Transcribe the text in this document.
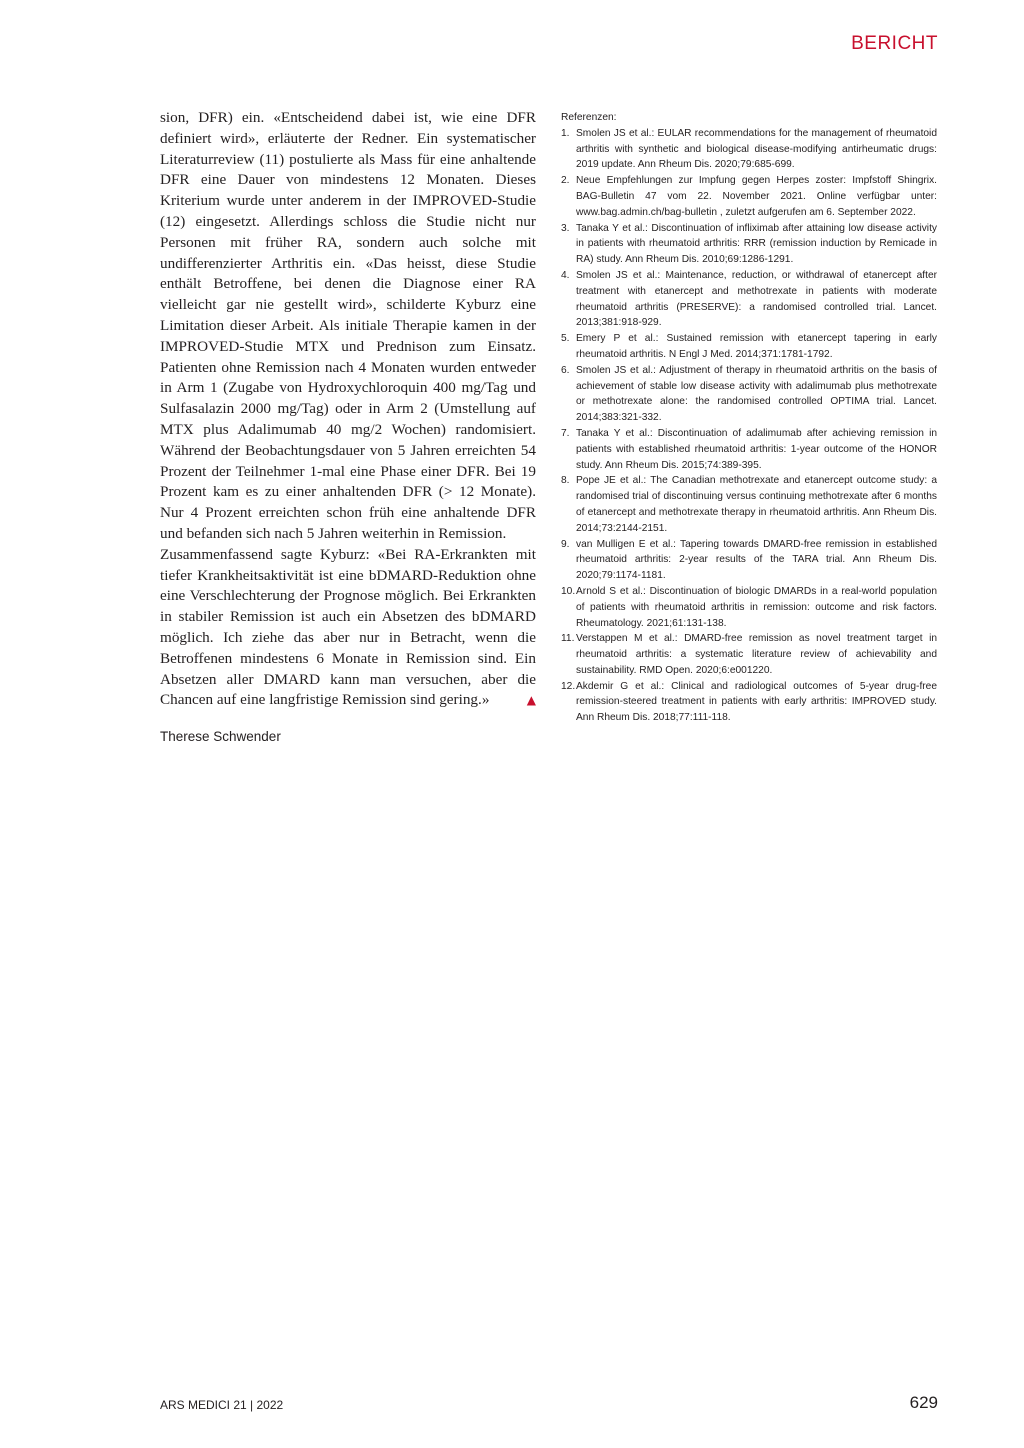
BERICHT

sion, DFR) ein. «Entscheidend dabei ist, wie eine DFR definiert wird», erläuterte der Redner. Ein systematischer Literaturreview (11) postulierte als Mass für eine anhaltende DFR eine Dauer von mindestens 12 Monaten. Dieses Kriterium wurde unter anderem in der IMPROVED-Studie (12) eingesetzt. Allerdings schloss die Studie nicht nur Personen mit früher RA, sondern auch solche mit undifferenzierter Arthritis ein. «Das heisst, diese Studie enthält Betroffene, bei denen die Diagnose einer RA vielleicht gar nie gestellt wird», schilderte Kyburz eine Limitation dieser Arbeit. Als initiale Therapie kamen in der IMPROVED-Studie MTX und Prednison zum Einsatz. Patienten ohne Remission nach 4 Monaten wurden entweder in Arm 1 (Zugabe von Hydroxychloroquin 400 mg/Tag und Sulfasalazin 2000 mg/Tag) oder in Arm 2 (Umstellung auf MTX plus Adalimumab 40 mg/2 Wochen) randomisiert. Während der Beobachtungsdauer von 5 Jahren erreichten 54 Prozent der Teilnehmer 1-mal eine Phase einer DFR. Bei 19 Prozent kam es zu einer anhaltenden DFR (> 12 Monate). Nur 4 Prozent erreichten schon früh eine anhaltende DFR und befanden sich nach 5 Jahren weiterhin in Remission.

Zusammenfassend sagte Kyburz: «Bei RA-Erkrankten mit tiefer Krankheitsaktivität ist eine bDMARD-Reduktion ohne eine Verschlechterung der Prognose möglich. Bei Erkrankten in stabiler Remission ist auch ein Absetzen des bDMARD möglich. Ich ziehe das aber nur in Betracht, wenn die Betroffenen mindestens 6 Monate in Remission sind. Ein Absetzen aller DMARD kann man versuchen, aber die Chancen auf eine langfristige Remission sind gering.»	▲

Therese Schwender

Referenzen:

1. Smolen JS et al.: EULAR recommendations for the management of rheumatoid arthritis with synthetic and biological disease-modifying antirheumatic drugs: 2019 update. Ann Rheum Dis. 2020;79:685-699.
2. Neue Empfehlungen zur Impfung gegen Herpes zoster: Impfstoff Shingrix. BAG-Bulletin 47 vom 22. November 2021. Online verfügbar unter: www.bag.admin.ch/bag-bulletin , zuletzt aufgerufen am 6. September 2022.
3. Tanaka Y et al.: Discontinuation of infliximab after attaining low disease activity in patients with rheumatoid arthritis: RRR (remission induction by Remicade in RA) study. Ann Rheum Dis. 2010;69:1286-1291.
4. Smolen JS et al.: Maintenance, reduction, or withdrawal of etanercept after treatment with etanercept and methotrexate in patients with moderate rheumatoid arthritis (PRESERVE): a randomised controlled trial. Lancet. 2013;381:918-929.
5. Emery P et al.: Sustained remission with etanercept tapering in early rheumatoid arthritis. N Engl J Med. 2014;371:1781-1792.
6. Smolen JS et al.: Adjustment of therapy in rheumatoid arthritis on the basis of achievement of stable low disease activity with adalimumab plus methotrexate or methotrexate alone: the randomised controlled OPTIMA trial. Lancet. 2014;383:321-332.
7. Tanaka Y et al.: Discontinuation of adalimumab after achieving remission in patients with established rheumatoid arthritis: 1-year outcome of the HONOR study. Ann Rheum Dis. 2015;74:389-395.
8. Pope JE et al.: The Canadian methotrexate and etanercept outcome study: a randomised trial of discontinuing versus continuing methotrexate after 6 months of etanercept and methotrexate therapy in rheumatoid arthritis. Ann Rheum Dis. 2014;73:2144-2151.
9. van Mulligen E et al.: Tapering towards DMARD-free remission in established rheumatoid arthritis: 2-year results of the TARA trial. Ann Rheum Dis. 2020;79:1174-1181.
10. Arnold S et al.: Discontinuation of biologic DMARDs in a real-world population of patients with rheumatoid arthritis in remission: outcome and risk factors. Rheumatology. 2021;61:131-138.
11. Verstappen M et al.: DMARD-free remission as novel treatment target in rheumatoid arthritis: a systematic literature review of achievability and sustainability. RMD Open. 2020;6:e001220.
12. Akdemir G et al.: Clinical and radiological outcomes of 5-year drug-free remission-steered treatment in patients with early arthritis: IMPROVED study. Ann Rheum Dis. 2018;77:111-118.
ARS MEDICI 21 | 2022	629
